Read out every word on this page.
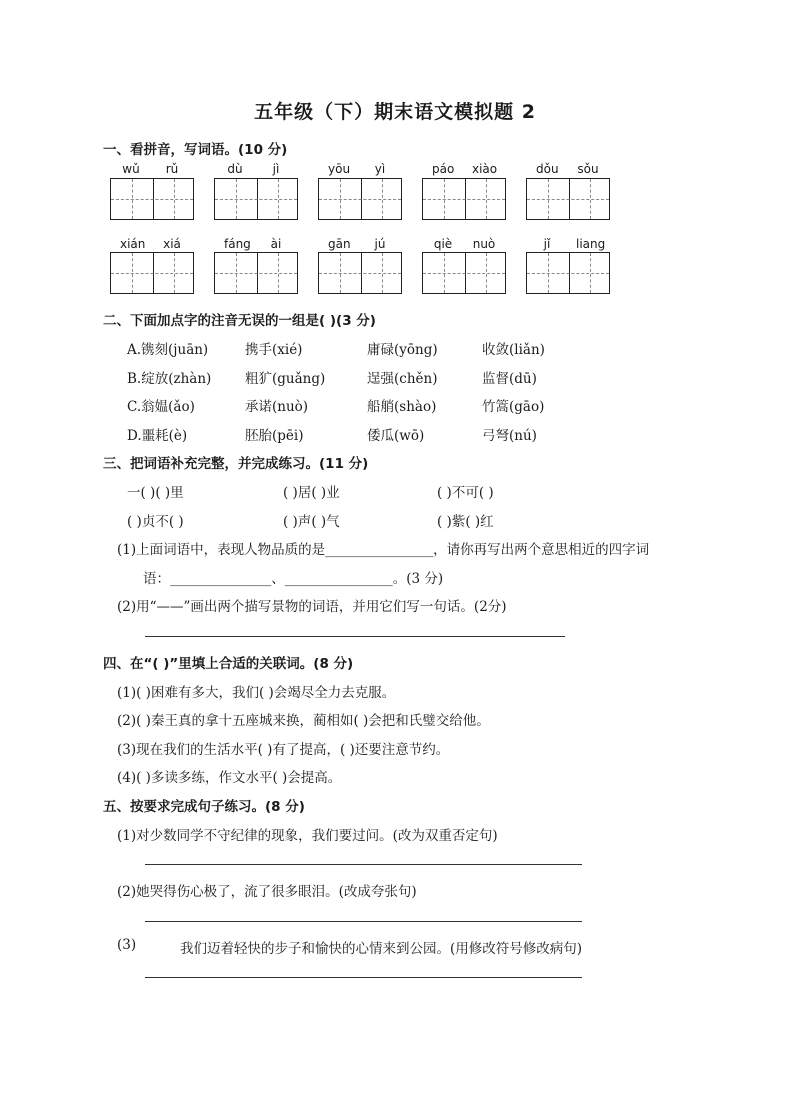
五年级（下）期末语文模拟题 2
一、看拼音，写词语。(10 分)
wǔ	rǔ	dù	jì	yōu	yì	páo xiào	dǒu sǒu
xián xiá	fáng	ài	gān	jú	qiè nuò	jǐ	liang
二、下面加点字的注音无误的一组是( )(3 分)
A.镌刻(juān)	携手(xié)	庸碌(yōng)	收敛(liǎn)
B.绽放(zhàn) 粗犷(guǎng)	逞强(chěn)	监督(dū)
C.翁媪(ǎo)	承诺(nuò)	船艄(shào)	竹篙(gāo)
D.噩耗(è)	胚胎(pēi)	倭瓜(wō)	弓弩(nú)
三、把词语补充完整，并完成练习。(11 分)
一( )( )里	( )居( )业	( )不可( )
( )贞不( )	( )声( )气	( )紫( )红
(1)上面词语中，表现人物品质的是________________，请你再写出两个意思相近的四字词
语：_______________、________________。(3 分)
(2)用“——”画出两个描写景物的词语，并用它们写一句话。(2分)
四、在“( )”里填上合适的关联词。(8 分)
(1)( )困难有多大，我们( )会竭尽全力去克服。
(2)( )秦王真的拿十五座城来换，蔺相如( )会把和氏璧交给他。
(3)现在我们的生活水平( )有了提高，( )还要注意节约。
(4)( )多读多练，作文水平( )会提高。
五、按要求完成句子练习。(8 分)
(1)对少数同学不守纪律的现象，我们要过问。(改为双重否定句)
(2)她哭得伤心极了，流了很多眼泪。(改成夸张句)
(3)	我们迈着轻快的步子和愉快的心情来到公园。(用修改符号修改病句)
